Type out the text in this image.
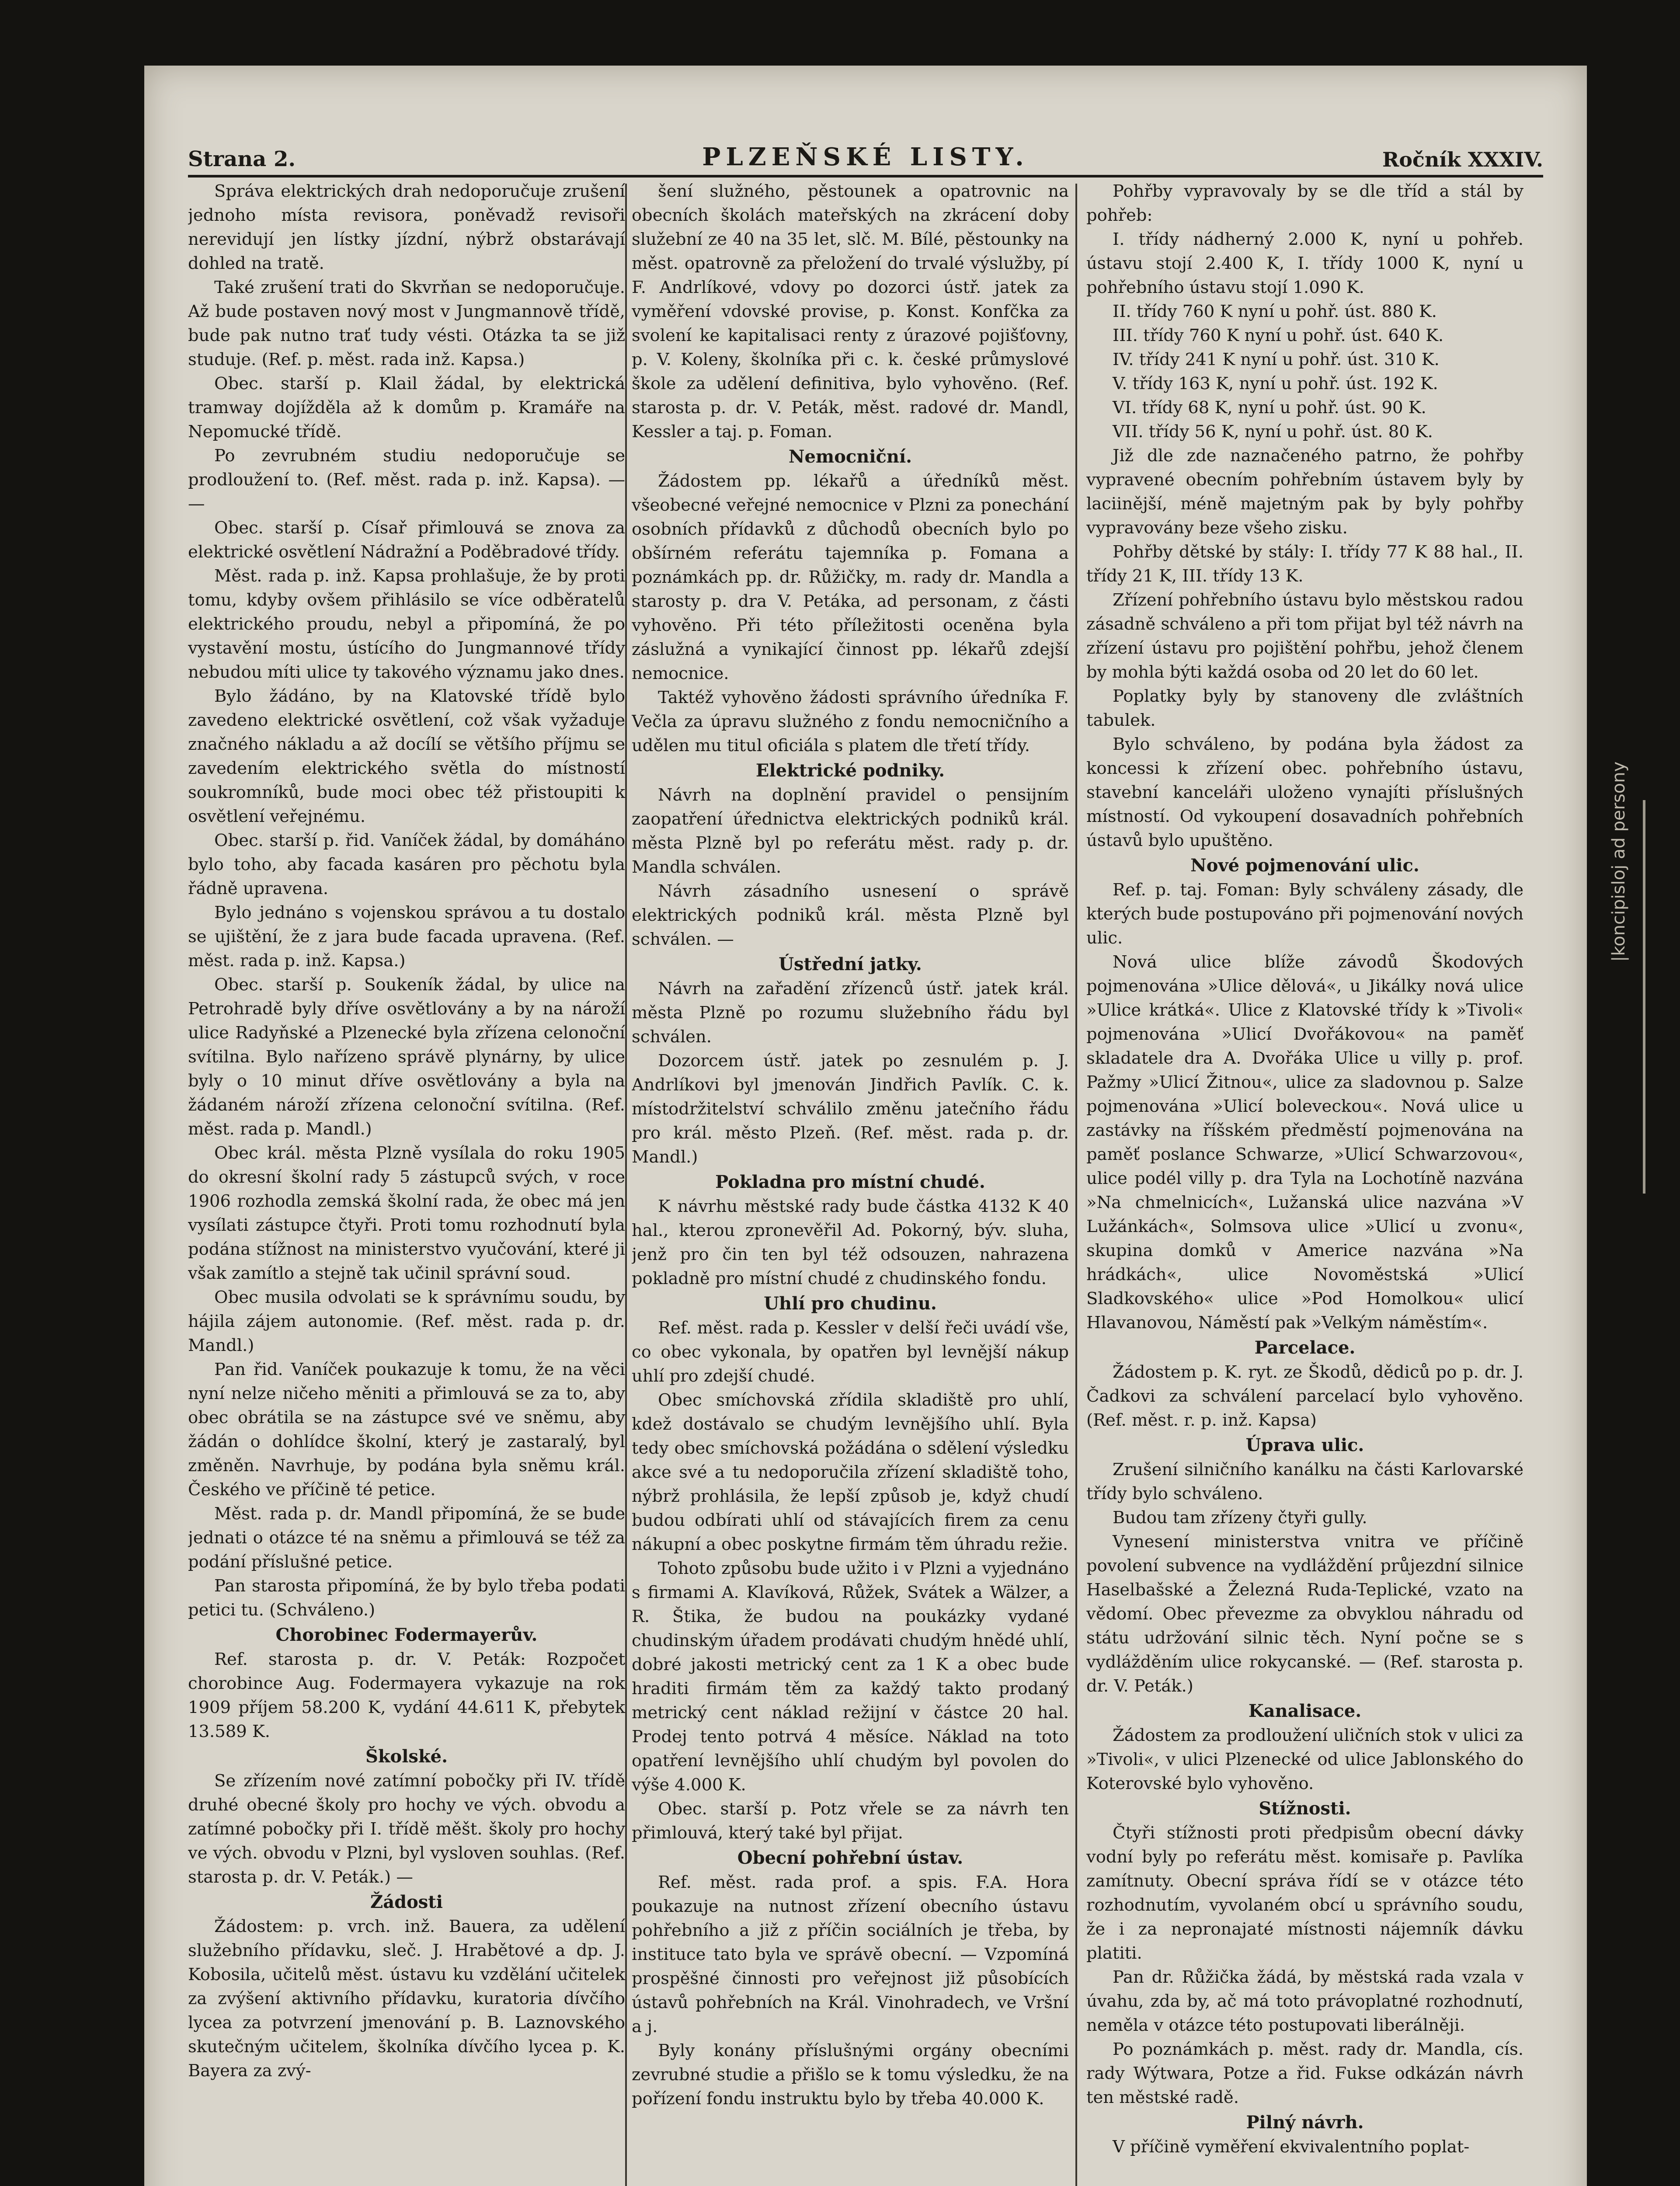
Strana 2.	PLZEŇSKÉ LISTY.	Ročník XXXIV.

Správa elektrických drah nedoporučuje zrušení jednoho místa revisora, poněvadž revisoři nerevidují jen lístky jízdní, nýbrž obstarávají dohled na tratě.

Také zrušení trati do Skvrňan se nedoporučuje. Až bude postaven nový most v Jungmannově třídě, bude pak nutno trať tudy vésti. Otázka ta se již studuje. (Ref. p. měst. rada inž. Kapsa.)

Obec. starší p. Klail žádal, by elektrická tramway dojížděla až k domům p. Kramáře na Nepomucké třídě.

Po zevrubném studiu nedoporučuje se prodloužení to. (Ref. měst. rada p. inž. Kapsa). — —

Obec. starší p. Císař přimlouvá se znova za elektrické osvětlení Nádražní a Poděbradové třídy.

Měst. rada p. inž. Kapsa prohlašuje, že by proti tomu, kdyby ovšem přihlásilo se více odběratelů elektrického proudu, nebyl a připomíná, že po vystavění mostu, ústícího do Jungmannové třídy nebudou míti ulice ty takového významu jako dnes.

Bylo žádáno, by na Klatovské třídě bylo zavedeno elektrické osvětlení, což však vyžaduje značného nákladu a až docílí se většího příjmu se zavedením elektrického světla do místností soukromníků, bude moci obec též přistoupiti k osvětlení veřejnému.

Obec. starší p. řid. Vaníček žádal, by domáháno bylo toho, aby facada kasáren pro pěchotu byla řádně upravena.

Bylo jednáno s vojenskou správou a tu dostalo se ujištění, že z jara bude facada upravena. (Ref. měst. rada p. inž. Kapsa.)

Obec. starší p. Soukeník žádal, by ulice na Petrohradě byly dříve osvětlovány a by na nároží ulice Radyňské a Plzenecké byla zřízena celonoční svítilna. Bylo nařízeno správě plynárny, by ulice byly o 10 minut dříve osvětlovány a byla na žádaném nároží zřízena celonoční svítilna. (Ref. měst. rada p. Mandl.)

Obec král. města Plzně vysílala do roku 1905 do okresní školní rady 5 zástupců svých, v roce 1906 rozhodla zemská školní rada, že obec má jen vysílati zástupce čtyři. Proti tomu rozhodnutí byla podána stížnost na ministerstvo vyučování, které ji však zamítlo a stejně tak učinil správní soud.

Obec musila odvolati se k správnímu soudu, by hájila zájem autonomie. (Ref. měst. rada p. dr. Mandl.)

Pan řid. Vaníček poukazuje k tomu, že na věci nyní nelze ničeho měniti a přimlouvá se za to, aby obec obrátila se na zástupce své ve sněmu, aby žádán o dohlídce školní, který je zastaralý, byl změněn. Navrhuje, by podána byla sněmu král. Českého ve příčině té petice.

Měst. rada p. dr. Mandl připomíná, že se bude jednati o otázce té na sněmu a přimlouvá se též za podání příslušné petice.

Pan starosta připomíná, že by bylo třeba podati petici tu. (Schváleno.)

Chorobinec Fodermayerův.

Ref. starosta p. dr. V. Peták: Rozpočet chorobince Aug. Fodermayera vykazuje na rok 1909 příjem 58.200 K, vydání 44.611 K, přebytek 13.589 K.

Školské.

Se zřízením nové zatímní pobočky při IV. třídě druhé obecné školy pro hochy ve vých. obvodu a zatímné pobočky při I. třídě měšt. školy pro hochy ve vých. obvodu v Plzni, byl vysloven souhlas. (Ref. starosta p. dr. V. Peták.) —

Žádosti

Žádostem: p. vrch. inž. Bauera, za udělení služebního přídavku, sleč. J. Hrabětové a dp. J. Kobosila, učitelů měst. ústavu ku vzdělání učitelek za zvýšení aktivního přídavku, kuratoria dívčího lycea za potvrzení jmenování p. B. Laznovského skutečným učitelem, školníka dívčího lycea p. K. Bayera za zvý-

šení služného, pěstounek a opatrovnic na obecních školách mateřských na zkrácení doby služební ze 40 na 35 let, slč. M. Bílé, pěstounky na měst. opatrovně za přeložení do trvalé výslužby, pí F. Andrlíkové, vdovy po dozorci ústř. jatek za vyměření vdovské provise, p. Konst. Konfčka za svolení ke kapitalisaci renty z úrazové pojišťovny, p. V. Koleny, školníka při c. k. české průmyslové škole za udělení definitiva, bylo vyhověno. (Ref. starosta p. dr. V. Peták, měst. radové dr. Mandl, Kessler a taj. p. Foman.

Nemocniční.

Žádostem pp. lékařů a úředníků měst. všeobecné veřejné nemocnice v Plzni za ponechání osobních přídavků z důchodů obecních bylo po obšírném referátu tajemníka p. Fomana a poznámkách pp. dr. Růžičky, m. rady dr. Mandla a starosty p. dra V. Petáka, ad personam, z části vyhověno. Při této příležitosti oceněna byla záslužná a vynikající činnost pp. lékařů zdejší nemocnice.

Taktéž vyhověno žádosti správního úředníka F. Večla za úpravu služného z fondu nemocničního a udělen mu titul oficiála s platem dle třetí třídy.

Elektrické podniky.

Návrh na doplnění pravidel o pensijním zaopatření úřednictva elektrických podniků král. města Plzně byl po referátu měst. rady p. dr. Mandla schválen.

Návrh zásadního usnesení o správě elektrických podniků král. města Plzně byl schválen. —

Ústřední jatky.

Návrh na zařadění zřízenců ústř. jatek král. města Plzně po rozumu služebního řádu byl schválen.

Dozorcem ústř. jatek po zesnulém p. J. Andrlíkovi byl jmenován Jindřich Pavlík. C. k. místodržitelství schválilo změnu jatečního řádu pro král. město Plzeň. (Ref. měst. rada p. dr. Mandl.)

Pokladna pro místní chudé.

K návrhu městské rady bude částka 4132 K 40 hal., kterou zpronevěřil Ad. Pokorný, býv. sluha, jenž pro čin ten byl též odsouzen, nahrazena pokladně pro místní chudé z chudinského fondu.

Uhlí pro chudinu.

Ref. měst. rada p. Kessler v delší řeči uvádí vše, co obec vykonala, by opatřen byl levnější nákup uhlí pro zdejší chudé.

Obec smíchovská zřídila skladiště pro uhlí, kdež dostávalo se chudým levnějšího uhlí. Byla tedy obec smíchovská požádána o sdělení výsledku akce své a tu nedoporučila zřízení skladiště toho, nýbrž prohlásila, že lepší způsob je, když chudí budou odbírati uhlí od stávajících firem za cenu nákupní a obec poskytne firmám těm úhradu režie.

Tohoto způsobu bude užito i v Plzni a vyjednáno s firmami A. Klavíková, Růžek, Svátek a Wälzer, a R. Štika, že budou na poukázky vydané chudinským úřadem prodávati chudým hnědé uhlí, dobré jakosti metrický cent za 1 K a obec bude hraditi firmám těm za každý takto prodaný metrický cent náklad režijní v částce 20 hal. Prodej tento potrvá 4 měsíce. Náklad na toto opatření levnějšího uhlí chudým byl povolen do výše 4.000 K.

Obec. starší p. Potz vřele se za návrh ten přimlouvá, který také byl přijat.

Obecní pohřební ústav.

Ref. měst. rada prof. a spis. F.A. Hora poukazuje na nutnost zřízení obecního ústavu pohřebního a již z příčin sociálních je třeba, by instituce tato byla ve správě obecní. — Vzpomíná prospěšné činnosti pro veřejnost již působících ústavů pohřebních na Král. Vinohradech, ve Vršní a j.

Byly konány příslušnými orgány obecními zevrubné studie a přišlo se k tomu výsledku, že na pořízení fondu instruktu bylo by třeba 40.000 K.

Pohřby vypravovaly by se dle tříd a stál by pohřeb:

I. třídy nádherný 2.000 K, nyní u pohřeb. ústavu stojí 2.400 K, I. třídy 1000 K, nyní u pohřebního ústavu stojí 1.090 K.

II. třídy 760 K nyní u pohř. úst. 880 K.

III. třídy 760 K nyní u pohř. úst. 640 K.

IV. třídy 241 K nyní u pohř. úst. 310 K.

V. třídy 163 K, nyní u pohř. úst. 192 K.

VI. třídy 68 K, nyní u pohř. úst. 90 K.

VII. třídy 56 K, nyní u pohř. úst. 80 K.

Již dle zde naznačeného patrno, že pohřby vypravené obecním pohřebním ústavem byly by laciinější, méně majetným pak by byly pohřby vypravovány beze všeho zisku.

Pohřby dětské by stály: I. třídy 77 K 88 hal., II. třídy 21 K, III. třídy 13 K.

Zřízení pohřebního ústavu bylo městskou radou zásadně schváleno a při tom přijat byl též návrh na zřízení ústavu pro pojištění pohřbu, jehož členem by mohla býti každá osoba od 20 let do 60 let.

Poplatky byly by stanoveny dle zvláštních tabulek.

Bylo schváleno, by podána byla žádost za koncessi k zřízení obec. pohřebního ústavu, stavební kanceláři uloženo vynajíti příslušných místností. Od vykoupení dosavadních pohřebních ústavů bylo upuštěno.

Nové pojmenování ulic.

Ref. p. taj. Foman: Byly schváleny zásady, dle kterých bude postupováno při pojmenování nových ulic.

Nová ulice blíže závodů Škodových pojmenována »Ulice dělová«, u Jikálky nová ulice »Ulice krátká«. Ulice z Klatovské třídy k »Tivoli« pojmenována »Ulicí Dvořákovou« na paměť skladatele dra A. Dvořáka Ulice u villy p. prof. Pažmy »Ulicí Žitnou«, ulice za sladovnou p. Salze pojmenována »Ulicí bolevеckou«. Nová ulice u zastávky na říšském předměstí pojmenována na paměť poslance Schwarze, »Ulicí Schwarzovou«, ulice podél villy p. dra Tyla na Lochotíně nazvána »Na chmelnicích«, Lužanská ulice nazvána »V Lužánkách«, Solmsova ulice »Ulicí u zvonu«, skupina domků v Americe nazvána »Na hrádkách«, ulice Novoměstská »Ulicí Sladkovského« ulice »Pod Homolkou« ulicí Hlavanovou, Náměstí pak »Velkým náměstím«.

Parcelace.

Žádostem p. K. ryt. ze Škodů, dědiců po p. dr. J. Čadkovi za schválení parcelací bylo vyhověno. (Ref. měst. r. p. inž. Kapsa)

Úprava ulic.

Zrušení silničního kanálku na části Karlovarské třídy bylo schváleno.

Budou tam zřízeny čtyři gully.

Vynesení ministerstva vnitra ve příčině povolení subvence na vydláždění průjezdní silnice Haselbašské a Železná Ruda-Teplické, vzato na vědomí. Obec převezme za obvyklou náhradu od státu udržování silnic těch. Nyní počne se s vydlážděním ulice rokycanské. — (Ref. starosta p. dr. V. Peták.)

Kanalisace.

Žádostem za prodloužení uličních stok v ulici za »Tivoli«, v ulici Plzenecké od ulice Jablonského do Koterovské bylo vyhověno.

Stížnosti.

Čtyři stížnosti proti předpisům obecní dávky vodní byly po referátu měst. komisaře p. Pavlíka zamítnuty. Obecní správa řídí se v otázce této rozhodnutím, vyvolaném obcí u správního soudu, že i za nepronajaté místnosti nájemník dávku platiti.

Pan dr. Růžička žádá, by městská rada vzala v úvahu, zda by, ač má toto právoplatné rozhodnutí, neměla v otázce této postupovati liberálněji.

Po poznámkách p. měst. rady dr. Mandla, cís. rady Wýtwara, Potze a řid. Fukse odkázán návrh ten městské radě.

Pilný návrh.

V příčině vyměření ekvivalentního poplat-

|koncipisloj ad persony
